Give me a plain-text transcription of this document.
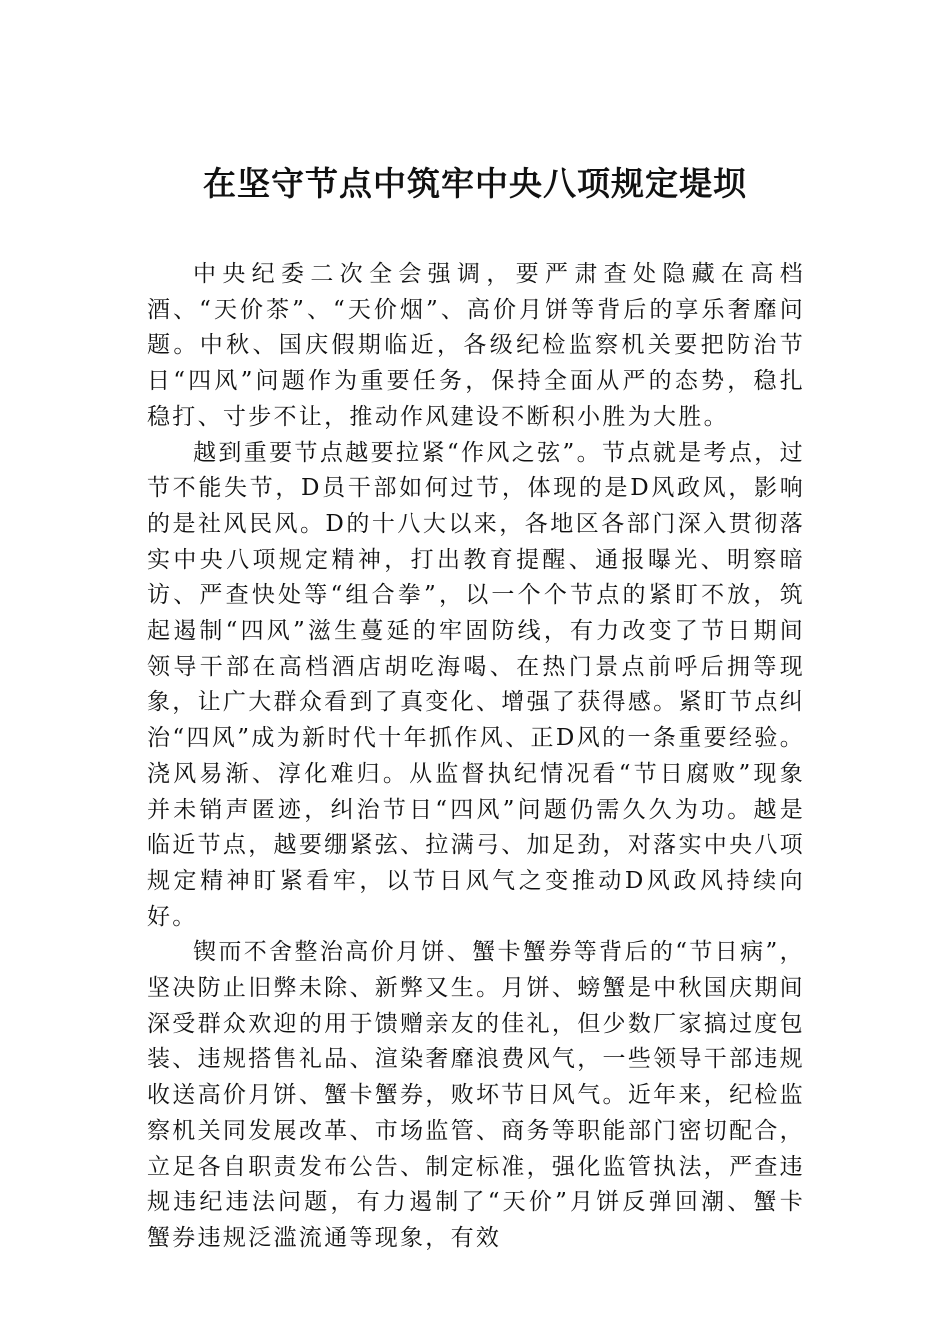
在坚守节点中筑牢中央八项规定堤坝

中央纪委二次全会强调，要严肃查处隐藏在高档酒、“天价茶”、“天价烟”、高价月饼等背后的享乐奢靡问题。中秋、国庆假期临近，各级纪检监察机关要把防治节日“四风”问题作为重要任务，保持全面从严的态势，稳扎稳打、寸步不让，推动作风建设不断积小胜为大胜。

越到重要节点越要拉紧“作风之弦”。节点就是考点，过节不能失节，D员干部如何过节，体现的是D风政风，影响的是社风民风。D的十八大以来，各地区各部门深入贯彻落实中央八项规定精神，打出教育提醒、通报曝光、明察暗访、严查快处等“组合拳”，以一个个节点的紧盯不放，筑起遏制“四风”滋生蔓延的牢固防线，有力改变了节日期间领导干部在高档酒店胡吃海喝、在热门景点前呼后拥等现象，让广大群众看到了真变化、增强了获得感。紧盯节点纠治“四风”成为新时代十年抓作风、正D风的一条重要经验。浇风易渐、淳化难归。从监督执纪情况看“节日腐败”现象并未销声匿迹，纠治节日“四风”问题仍需久久为功。越是临近节点，越要绷紧弦、拉满弓、加足劲，对落实中央八项规定精神盯紧看牢，以节日风气之变推动D风政风持续向好。

锲而不舍整治高价月饼、蟹卡蟹券等背后的“节日病”，坚决防止旧弊未除、新弊又生。月饼、螃蟹是中秋国庆期间深受群众欢迎的用于馈赠亲友的佳礼，但少数厂家搞过度包装、违规搭售礼品、渲染奢靡浪费风气，一些领导干部违规收送高价月饼、蟹卡蟹券，败坏节日风气。近年来，纪检监察机关同发展改革、市场监管、商务等职能部门密切配合，立足各自职责发布公告、制定标准，强化监管执法，严查违规违纪违法问题，有力遏制了“天价”月饼反弹回潮、蟹卡蟹券违规泛滥流通等现象，有效
